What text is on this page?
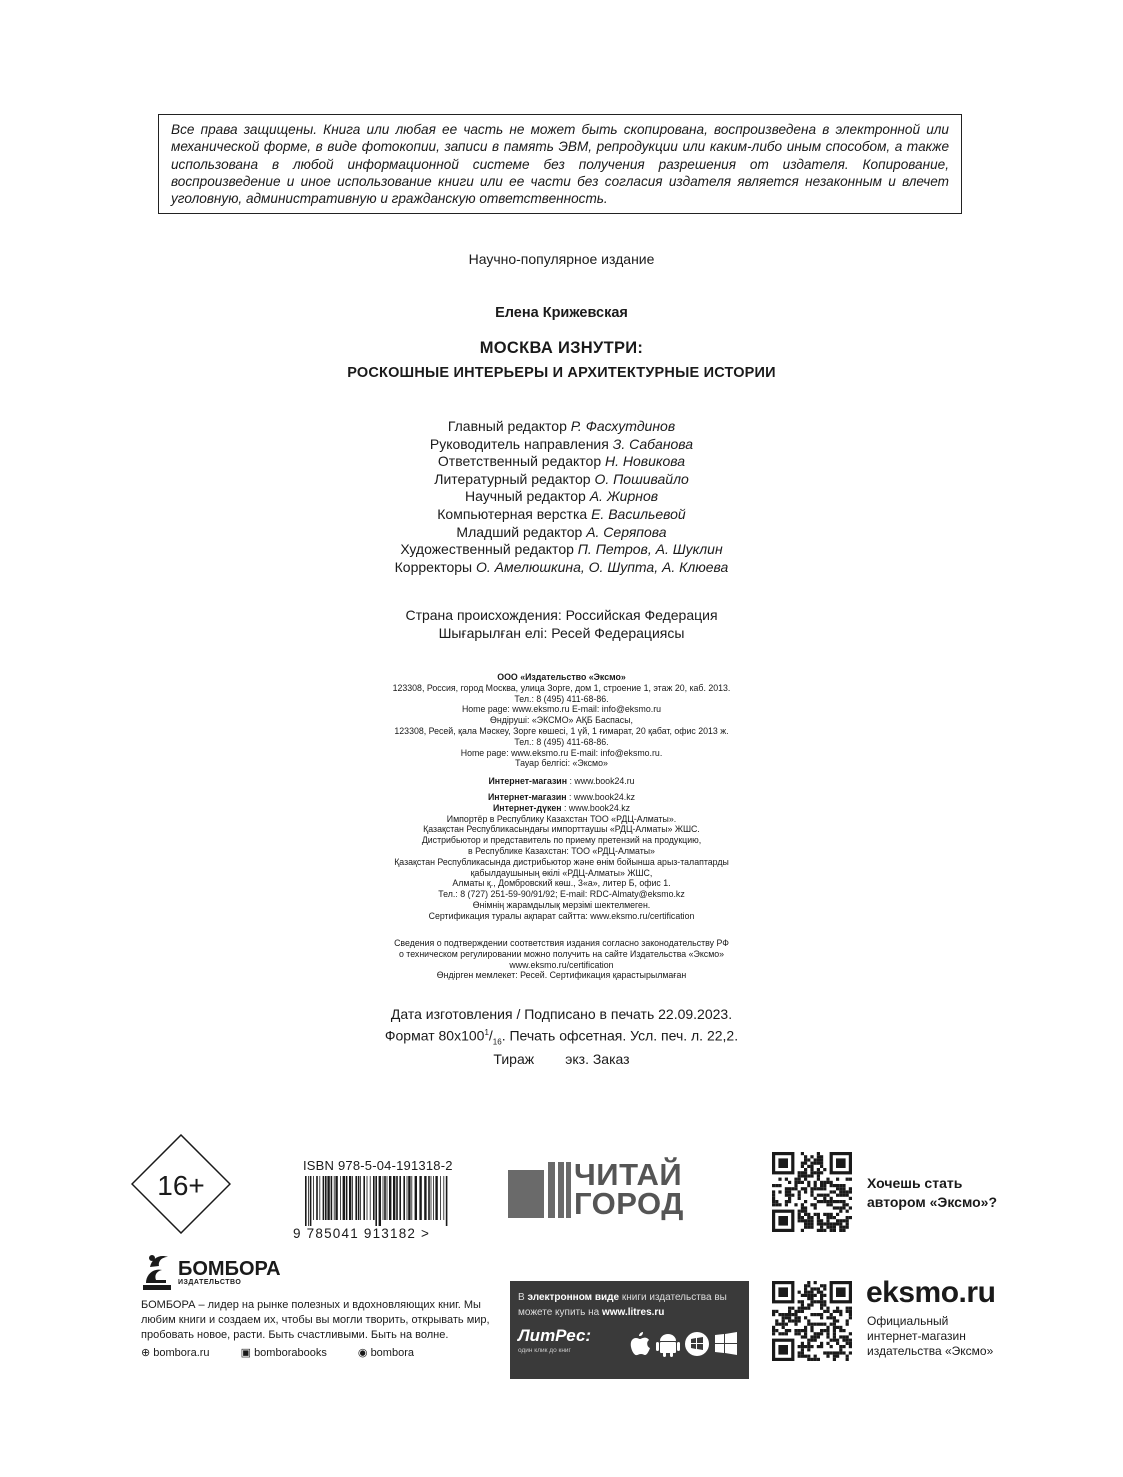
Все права защищены. Книга или любая ее часть не может быть скопирована, воспроизведена в электронной или механической форме, в виде фотокопии, записи в память ЭВМ, репродукции или каким-либо иным способом, а также использована в любой информационной системе без получения разрешения от издателя. Копирование, воспроизведение и иное использование книги или ее части без согласия издателя является незаконным и влечет уголовную, административную и гражданскую ответственность.
Научно-популярное издание
Елена Крижевская
МОСКВА ИЗНУТРИ:
РОСКОШНЫЕ ИНТЕРЬЕРЫ И АРХИТЕКТУРНЫЕ ИСТОРИИ
Главный редактор Р. Фасхутдинов
Руководитель направления З. Сабанова
Ответственный редактор Н. Новикова
Литературный редактор О. Пошивайло
Научный редактор А. Жирнов
Компьютерная верстка Е. Васильевой
Младший редактор А. Серяпова
Художественный редактор П. Петров, А. Шуклин
Корректоры О. Амелюшкина, О. Шупта, А. Клюева
Страна происхождения: Российская Федерация
Шығарылған елі: Ресей Федерациясы
ООО «Издательство «Эксмо»
123308, Россия, город Москва, улица Зорге, дом 1, строение 1, этаж 20, каб. 2013.
Тел.: 8 (495) 411-68-86.
Home page: www.eksmo.ru E-mail: info@eksmo.ru
Өндіруші: «ЭКСМО» АҚБ Баспасы,
123308, Ресей, қала Мәскеу, Зорге көшесі, 1 үй, 1 ғимарат, 20 қабат, офис 2013 ж.
Тел.: 8 (495) 411-68-86.
Home page: www.eksmo.ru E-mail: info@eksmo.ru.
Тауар белгісі: «Эксмо»
Интернет-магазин : www.book24.ru
Интернет-магазин : www.book24.kz
Интернет-дүкен : www.book24.kz
Импортёр в Республику Казахстан ТОО «РДЦ-Алматы».
Қазақстан Республикасындағы импорттаушы «РДЦ-Алматы» ЖШС.
Дистрибьютор и представитель по приему претензий на продукцию,
в Республике Казахстан: ТОО «РДЦ-Алматы»
Қазақстан Республикасында дистрибьютор және өнім бойынша арыз-талаптарды
қабылдаушының өкілі «РДЦ-Алматы» ЖШС,
Алматы қ., Домбровский көш., 3«а», литер Б, офис 1.
Тел.: 8 (727) 251-59-90/91/92; E-mail: RDC-Almaty@eksmo.kz
Өнімнің жарамдылық мерзімі шектелмеген.
Сертификация туралы ақпарат сайтта: www.eksmo.ru/certification
Сведения о подтверждении соответствия издания согласно законодательству РФ
о техническом регулировании можно получить на сайте Издательства «Эксмо»
www.eksmo.ru/certification
Өндірген мемлекет: Ресей. Сертификация қарастырылмаған
Дата изготовления / Подписано в печать 22.09.2023.
Формат $80x100^1/_{16}$. Печать офсетная. Усл. печ. л. 22,2.
Тираж        экз. Заказ
16+
ISBN 978-5-04-191318-2
9 785041 913182 >
ЧИТАЙ
ГОРОД
Хочешь стать
автором «Эксмо»?
БОМБОРА
ИЗДАТЕЛЬСТВО
БОМБОРА – лидер на рынке полезных и вдохновляющих книг. Мы любим книги и создаем их, чтобы вы могли творить, открывать мир, пробовать новое, расти. Быть счастливыми. Быть на волне.
⊕ bombora.ru	▣ bomborabooks	◉ bombora
В электронном виде книги издательства вы можете купить на www.litres.ru
ЛитРес:
один клик до книг
eksmo.ru
Официальный
интернет-магазин
издательства «Эксмо»
